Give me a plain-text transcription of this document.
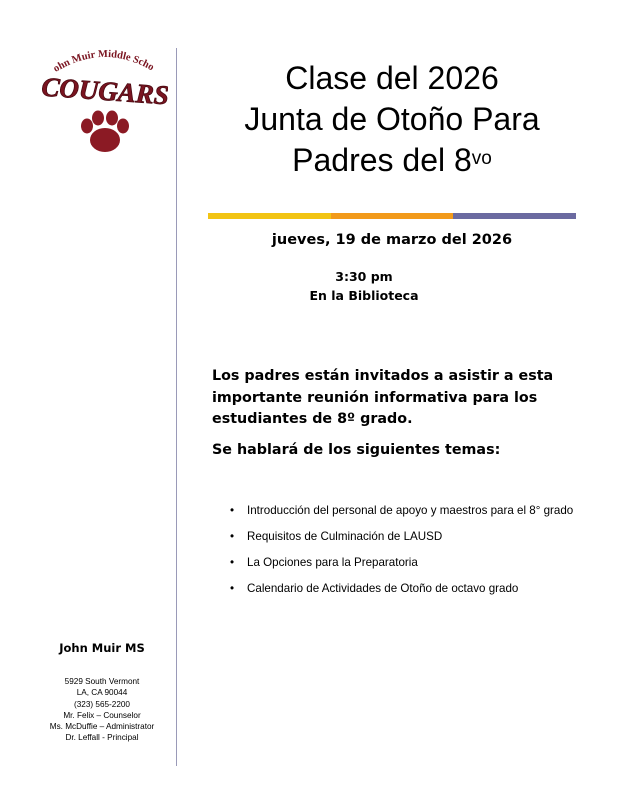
ohn Muir Middle Scho
COUGARS	Clase del 2026
Junta de Otoño Para
Padres del $8^{vo}$
jueves, 19 de marzo del 2026
3:30 pm
En la Biblioteca
Los padres están invitados a asistir a esta importante reunión informativa para los estudiantes de 8º grado.
Se hablará de los siguientes temas:
• Introducción del personal de apoyo y maestros para el 8° grado
• Requisitos de Culminación de LAUSD
• La Opciones para la Preparatoria
• Calendario de Actividades de Otoño de octavo grado
John Muir MS
5929 South Vermont
LA, CA 90044
(323) 565-2200
Mr. Felix – Counselor
Ms. McDuffie – Administrator
Dr. Leffall - Principal
